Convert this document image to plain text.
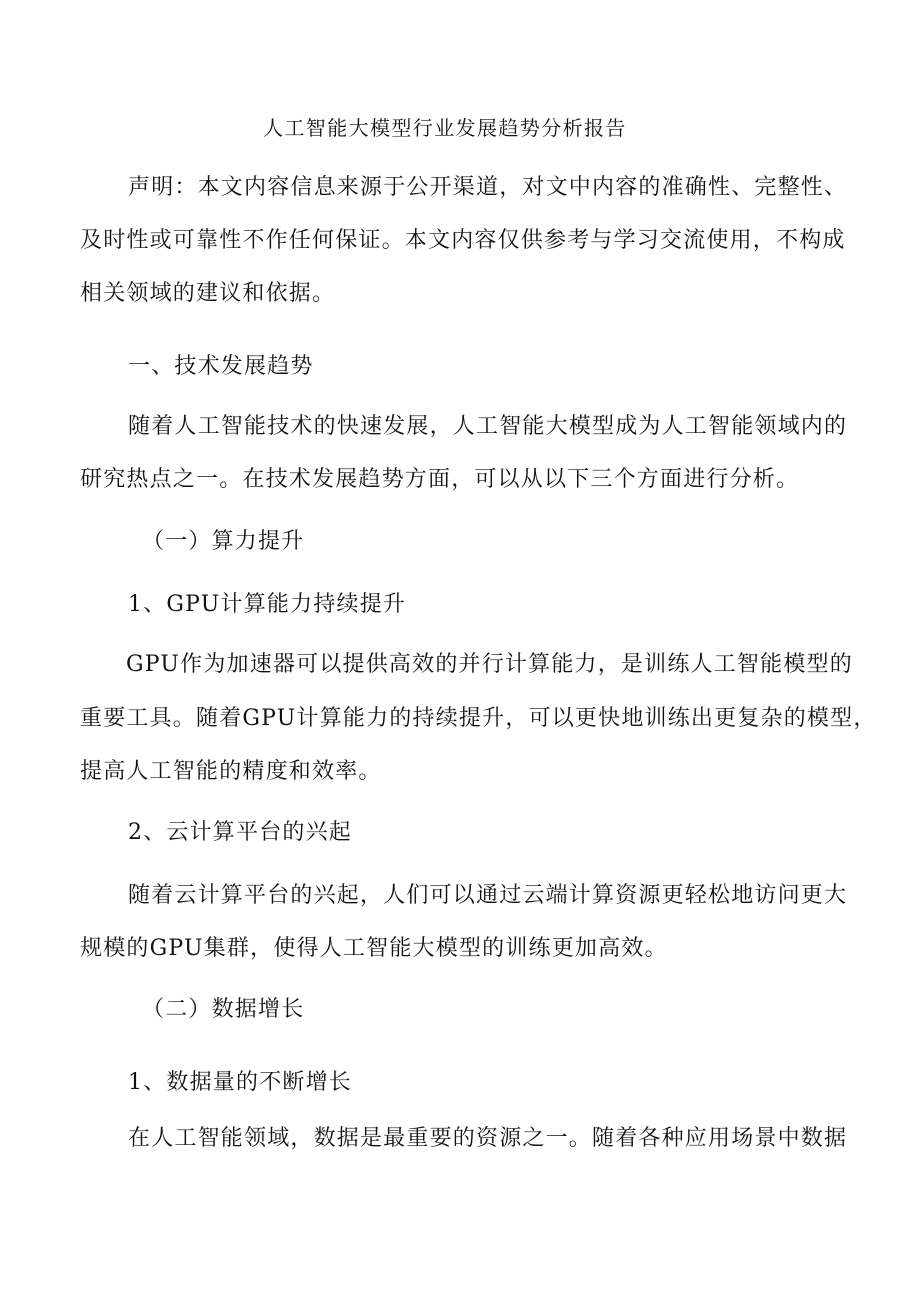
人工智能大模型行业发展趋势分析报告

声明：本文内容信息来源于公开渠道，对文中内容的准确性、完整性、

及时性或可靠性不作任何保证。本文内容仅供参考与学习交流使用，不构成

相关领域的建议和依据。

一、技术发展趋势

随着人工智能技术的快速发展，人工智能大模型成为人工智能领域内的

研究热点之一。在技术发展趋势方面，可以从以下三个方面进行分析。

（一）算力提升

1、GPU计算能力持续提升

GPU作为加速器可以提供高效的并行计算能力，是训练人工智能模型的

重要工具。随着GPU计算能力的持续提升，可以更快地训练出更复杂的模型，

提高人工智能的精度和效率。

2、云计算平台的兴起

随着云计算平台的兴起，人们可以通过云端计算资源更轻松地访问更大

规模的GPU集群，使得人工智能大模型的训练更加高效。

（二）数据增长

1、数据量的不断增长

在人工智能领域，数据是最重要的资源之一。随着各种应用场景中数据
